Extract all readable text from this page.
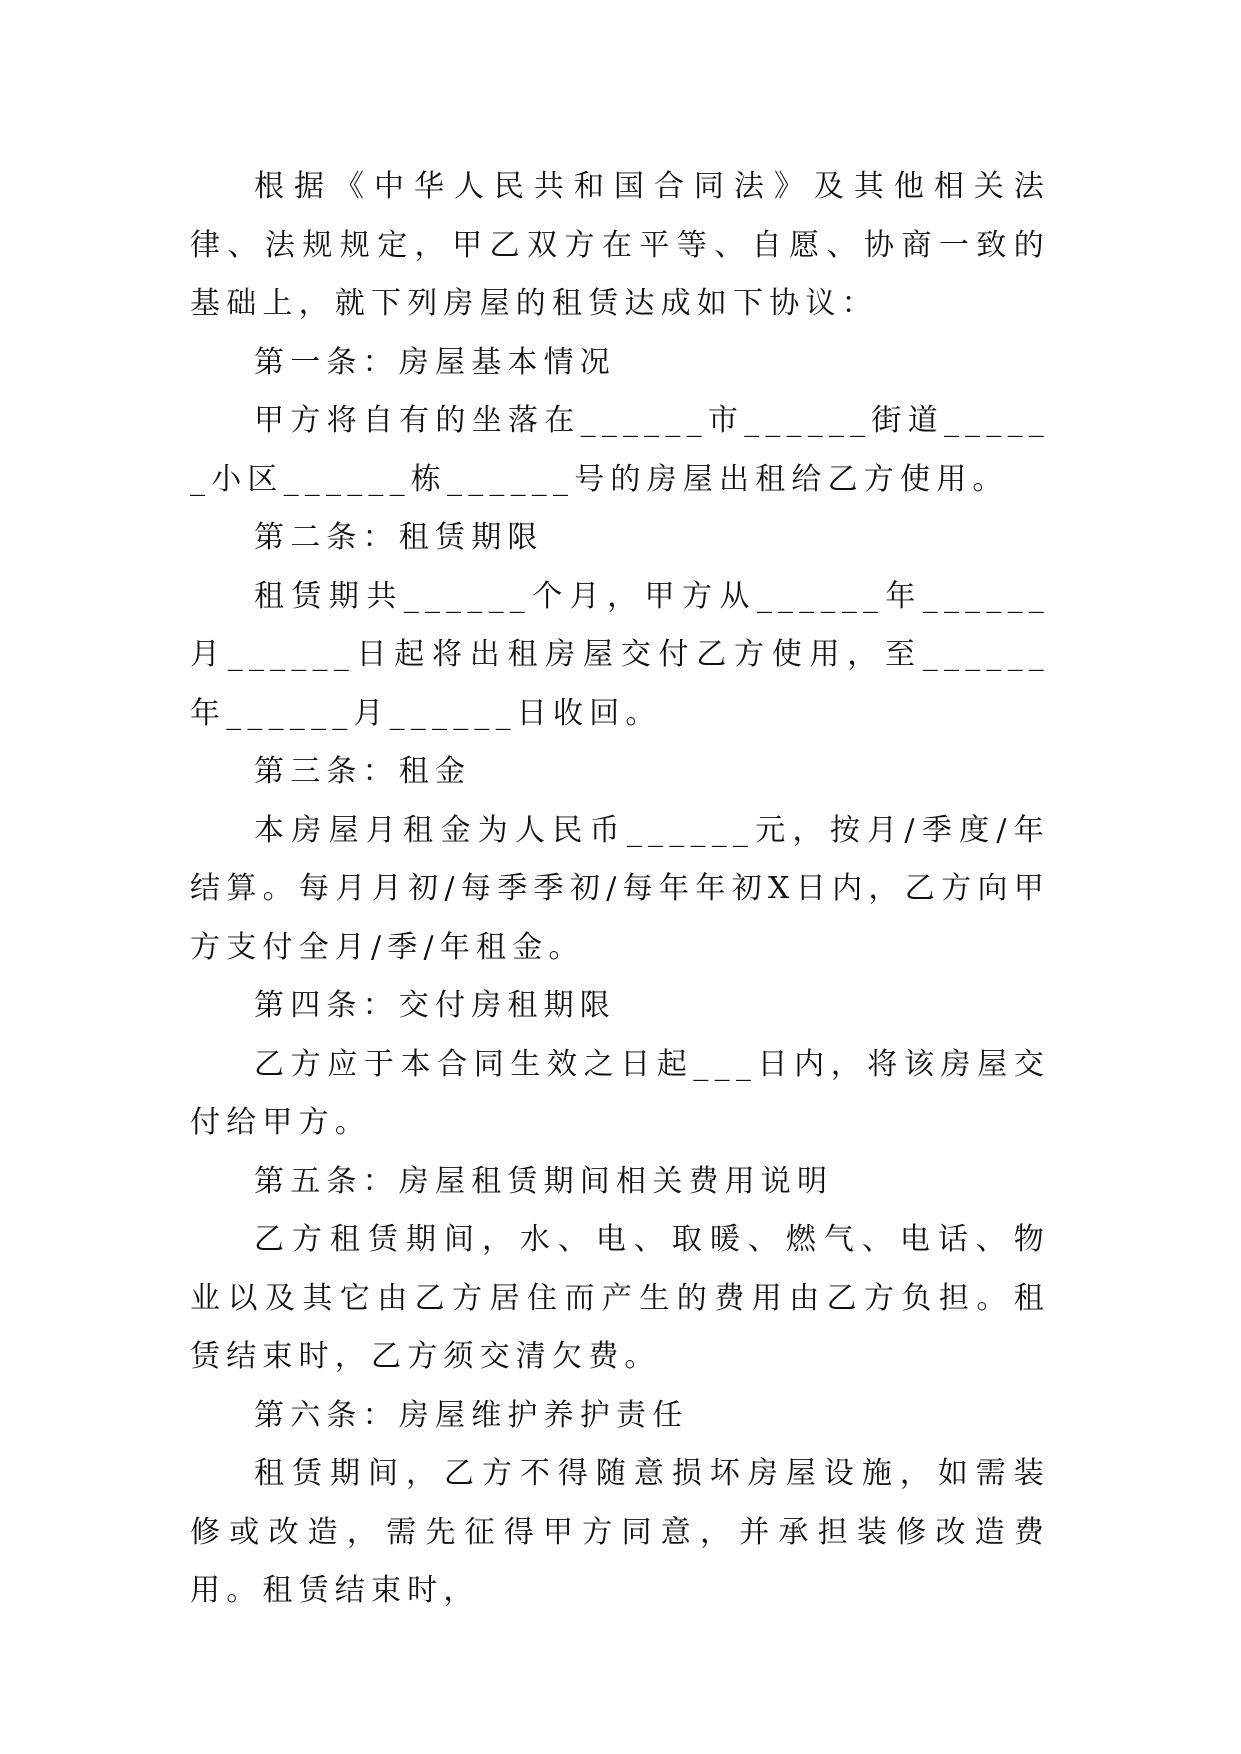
根据《中华人民共和国合同法》及其他相关法律、法规规定，甲乙双方在平等、自愿、协商一致的基础上，就下列房屋的租赁达成如下协议：

第一条：房屋基本情况

甲方将自有的坐落在______市______街道______小区______栋______号的房屋出租给乙方使用。

第二条：租赁期限

租赁期共______个月，甲方从______年______月______日起将出租房屋交付乙方使用，至______年______月______日收回。

第三条：租金

本房屋月租金为人民币______元，按月/季度/年结算。每月月初/每季季初/每年年初X日内，乙方向甲方支付全月/季/年租金。

第四条：交付房租期限

乙方应于本合同生效之日起___日内，将该房屋交付给甲方。

第五条：房屋租赁期间相关费用说明

乙方租赁期间，水、电、取暖、燃气、电话、物业以及其它由乙方居住而产生的费用由乙方负担。租赁结束时，乙方须交清欠费。

第六条：房屋维护养护责任

租赁期间，乙方不得随意损坏房屋设施，如需装修或改造，需先征得甲方同意，并承担装修改造费用。租赁结束时，
